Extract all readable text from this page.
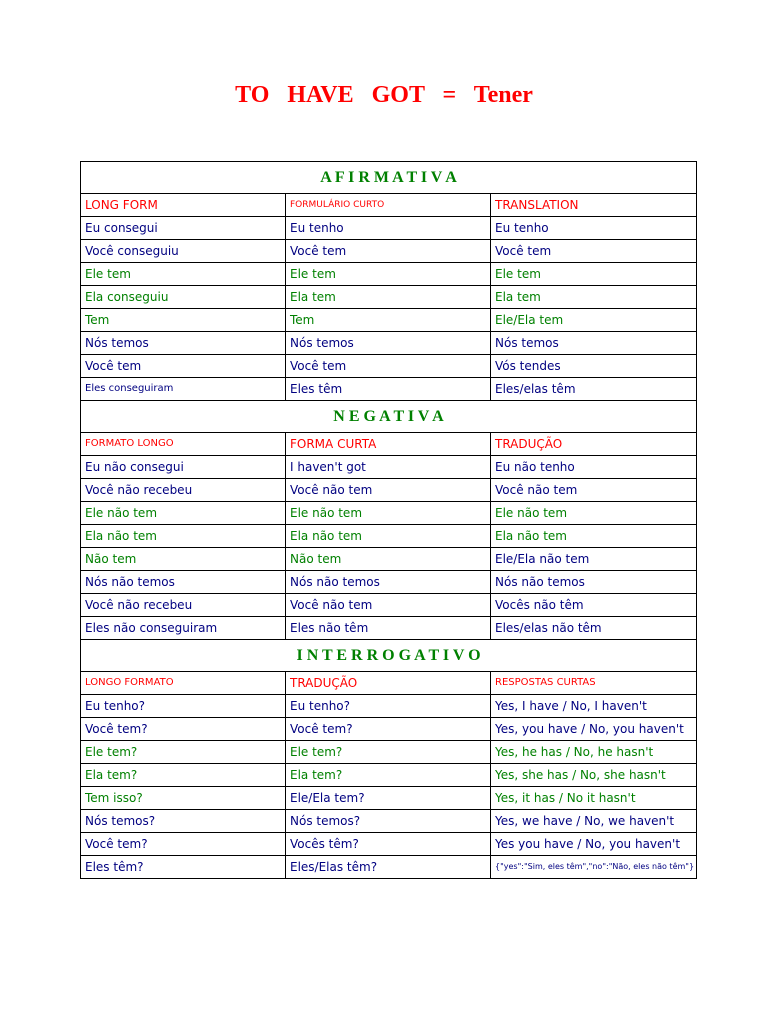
TO   HAVE   GOT   =   Tener
A F I R M A T I V A		
LONG FORM	FORMULÁRIO CURTO	TRANSLATION
Eu consegui	Eu tenho	Eu tenho
Você conseguiu	Você tem	Você tem
Ele tem	Ele tem	Ele tem
Ela conseguiu	Ela tem	Ela tem
Tem	Tem	Ele/Ela tem
Nós temos	Nós temos	Nós temos
Você tem	Você tem	Vós tendes
Eles conseguiram	Eles têm	Eles/elas têm
N E G A T I V A		
FORMATO LONGO	FORMA CURTA	TRADUÇÃO
Eu não consegui	I haven't got	Eu não tenho
Você não recebeu	Você não tem	Você não tem
Ele não tem	Ele não tem	Ele não tem
Ela não tem	Ela não tem	Ela não tem
Não tem	Não tem	Ele/Ela não tem
Nós não temos	Nós não temos	Nós não temos
Você não recebeu	Você não tem	Vocês não têm
Eles não conseguiram	Eles não têm	Eles/elas não têm
I N T E R R O G A T I V O		
LONGO FORMATO	TRADUÇÃO	RESPOSTAS CURTAS
Eu tenho?	Eu tenho?	Yes, I have / No, I haven't
Você tem?	Você tem?	Yes, you have / No, you haven't
Ele tem?	Ele tem?	Yes, he has / No, he hasn't
Ela tem?	Ela tem?	Yes, she has / No, she hasn't
Tem isso?	Ele/Ela tem?	Yes, it has / No it hasn't
Nós temos?	Nós temos?	Yes, we have / No, we haven't
Você tem?	Vocês têm?	Yes you have / No, you haven't
Eles têm?	Eles/Elas têm?	{"yes":"Sim, eles têm","no":"Não, eles não têm"}
